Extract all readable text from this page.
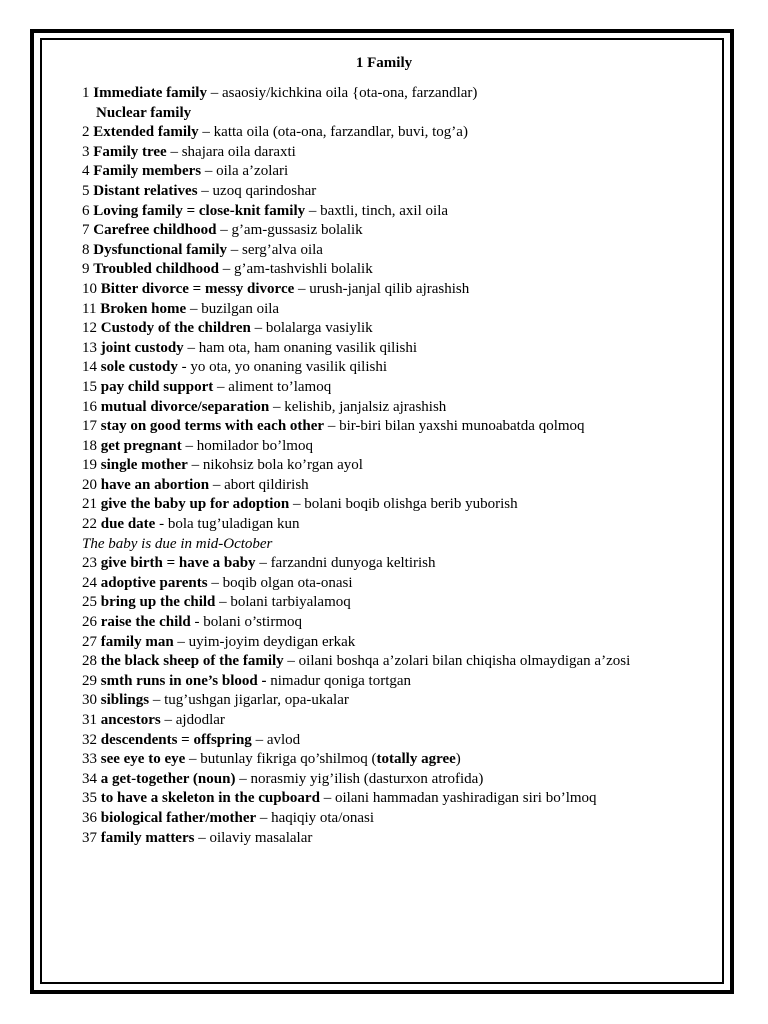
1 Family
1 Immediate family – asaosiy/kichkina oila {ota-ona, farzandlar)
Nuclear family
2 Extended family – katta oila (ota-ona, farzandlar, buvi, tog’a)
3 Family tree – shajara oila daraxti
4 Family members – oila a’zolari
5 Distant relatives – uzoq qarindoshar
6 Loving family = close-knit family – baxtli, tinch, axil oila
7 Carefree childhood – g’am-gussasiz bolalik
8 Dysfunctional family – serg’alva oila
9 Troubled childhood – g’am-tashvishli bolalik
10 Bitter divorce = messy divorce – urush-janjal qilib ajrashish
11 Broken home – buzilgan oila
12 Custody of the children – bolalarga vasiylik
13 joint custody – ham ota, ham onaning vasilik qilishi
14 sole custody - yo ota, yo onaning vasilik qilishi
15 pay child support – aliment to’lamoq
16 mutual divorce/separation – kelishib, janjalsiz ajrashish
17 stay on good terms with each other – bir-biri bilan yaxshi munoabatda qolmoq
18 get pregnant – homilador bo’lmoq
19 single mother – nikohsiz bola ko’rgan ayol
20 have an abortion – abort qildirish
21 give the baby up for adoption – bolani boqib olishga berib yuborish
22 due date - bola tug’uladigan kun
The baby is due in mid-October
23 give birth = have a baby – farzandni dunyoga keltirish
24 adoptive parents – boqib olgan ota-onasi
25 bring up the child – bolani tarbiyalamoq
26 raise the child - bolani o’stirmoq
27 family man – uyim-joyim deydigan erkak
28 the black sheep of the family – oilani boshqa a’zolari bilan chiqisha olmaydigan a’zosi
29 smth runs in one’s blood - nimadur qoniga tortgan
30 siblings – tug’ushgan jigarlar, opa-ukalar
31 ancestors – ajdodlar
32 descendents = offspring – avlod
33 see eye to eye – butunlay fikriga qo’shilmoq (totally agree)
34 a get-together (noun) – norasmiy yig’ilish (dasturxon atrofida)
35 to have a skeleton in the cupboard – oilani hammadan yashiradigan siri bo’lmoq
36 biological father/mother – haqiqiy ota/onasi
37 family matters – oilaviy masalalar
